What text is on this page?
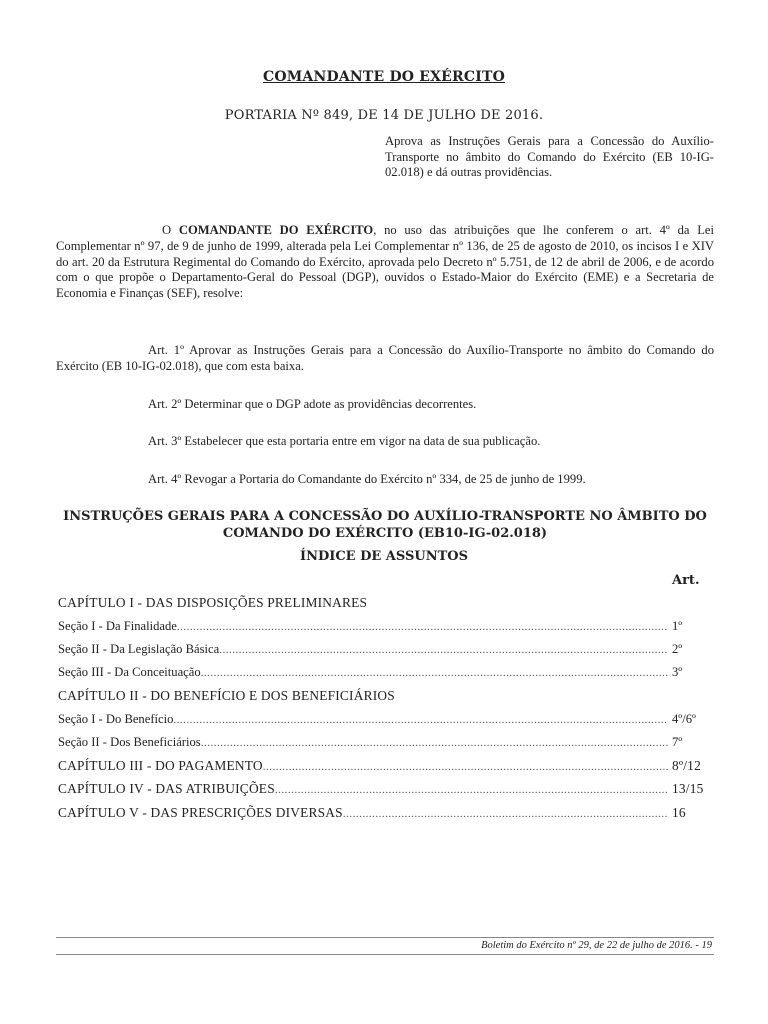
COMANDANTE DO EXÉRCITO
PORTARIA Nº 849, DE 14 DE JULHO DE 2016.
Aprova as Instruções Gerais para a Concessão do Auxílio-Transporte no âmbito do Comando do Exército (EB 10-IG-02.018) e dá outras providências.
O COMANDANTE DO EXÉRCITO, no uso das atribuições que lhe conferem o art. 4º da Lei Complementar nº 97, de 9 de junho de 1999, alterada pela Lei Complementar nº 136, de 25 de agosto de 2010, os incisos I e XIV do art. 20 da Estrutura Regimental do Comando do Exército, aprovada pelo Decreto nº 5.751, de 12 de abril de 2006, e de acordo com o que propõe o Departamento-Geral do Pessoal (DGP), ouvidos o Estado-Maior do Exército (EME) e a Secretaria de Economia e Finanças (SEF), resolve:
Art. 1º Aprovar as Instruções Gerais para a Concessão do Auxílio-Transporte no âmbito do Comando do Exército (EB 10-IG-02.018), que com esta baixa.
Art. 2º Determinar que o DGP adote as providências decorrentes.
Art. 3º Estabelecer que esta portaria entre em vigor na data de sua publicação.
Art. 4º Revogar a Portaria do Comandante do Exército nº 334, de 25 de junho de 1999.
INSTRUÇÕES GERAIS PARA A CONCESSÃO DO AUXÍLIO-TRANSPORTE NO ÂMBITO DO COMANDO DO EXÉRCITO (EB10-IG-02.018)
ÍNDICE DE ASSUNTOS
Art.
CAPÍTULO I - DAS DISPOSIÇÕES PRELIMINARES
Seção I - Da Finalidade .....	1º
Seção II - Da Legislação Básica .....	2º
Seção III - Da Conceituação .....	3º
CAPÍTULO II - DO BENEFÍCIO E DOS BENEFICIÁRIOS
Seção I - Do Benefício .....	4º/6º
Seção II - Dos Beneficiários .....	7º
CAPÍTULO III - DO PAGAMENTO .....	8º/12
CAPÍTULO IV - DAS ATRIBUIÇÕES .....	13/15
CAPÍTULO V - DAS PRESCRIÇÕES DIVERSAS .....	16
Boletim do Exército nº 29, de 22 de julho de 2016. - 19
